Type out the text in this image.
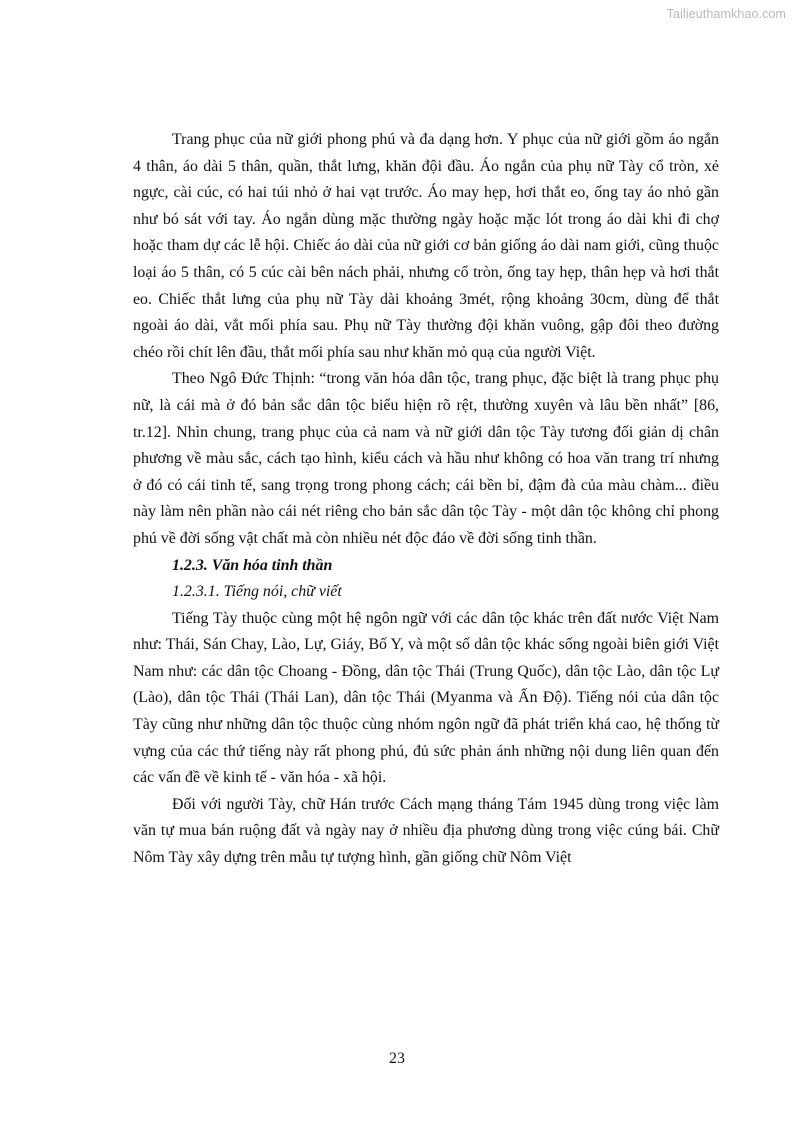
Tailieuthamkhao.com

Trang phục của nữ giới phong phú và đa dạng hơn. Y phục của nữ giới gồm áo ngắn 4 thân, áo dài 5 thân, quần, thắt lưng, khăn đội đầu. Áo ngắn của phụ nữ Tày cổ tròn, xẻ ngực, cài cúc, có hai túi nhỏ ở hai vạt trước. Áo may hẹp, hơi thắt eo, ống tay áo nhỏ gần như bó sát với tay. Áo ngắn dùng mặc thường ngày hoặc mặc lót trong áo dài khi đi chợ hoặc tham dự các lễ hội. Chiếc áo dài của nữ giới cơ bản giống áo dài nam giới, cũng thuộc loại áo 5 thân, có 5 cúc cài bên nách phải, nhưng cổ tròn, ống tay hẹp, thân hẹp và hơi thắt eo. Chiếc thắt lưng của phụ nữ Tày dài khoảng 3mét, rộng khoảng 30cm, dùng để thắt ngoài áo dài, vắt mối phía sau. Phụ nữ Tày thường đội khăn vuông, gập đôi theo đường chéo rồi chít lên đầu, thắt mối phía sau như khăn mỏ quạ của người Việt.

Theo Ngô Đức Thịnh: “trong văn hóa dân tộc, trang phục, đặc biệt là trang phục phụ nữ, là cái mà ở đó bản sắc dân tộc biểu hiện rõ rệt, thường xuyên và lâu bền nhất” [86, tr.12]. Nhìn chung, trang phục của cả nam và nữ giới dân tộc Tày tương đối giản dị chân phương về màu sắc, cách tạo hình, kiểu cách và hầu như không có hoa văn trang trí nhưng ở đó có cái tinh tế, sang trọng trong phong cách; cái bền bỉ, đậm đà của màu chàm... điều này làm nên phần nào cái nét riêng cho bản sắc dân tộc Tày - một dân tộc không chỉ phong phú về đời sống vật chất mà còn nhiều nét độc đáo về đời sống tinh thần.

1.2.3. Văn hóa tinh thần

1.2.3.1. Tiếng nói, chữ viết

Tiếng Tày thuộc cùng một hệ ngôn ngữ với các dân tộc khác trên đất nước Việt Nam như: Thái, Sán Chay, Lào, Lự, Giáy, Bố Y, và một số dân tộc khác sống ngoài biên giới Việt Nam như: các dân tộc Choang - Đồng, dân tộc Thái (Trung Quốc), dân tộc Lào, dân tộc Lự (Lào), dân tộc Thái (Thái Lan), dân tộc Thái (Myanma và Ấn Độ). Tiếng nói của dân tộc Tày cũng như những dân tộc thuộc cùng nhóm ngôn ngữ đã phát triển khá cao, hệ thống từ vựng của các thứ tiếng này rất phong phú, đủ sức phản ánh những nội dung liên quan đến các vấn đề về kinh tế - văn hóa - xã hội.

Đối với người Tày, chữ Hán trước Cách mạng tháng Tám 1945 dùng trong việc làm văn tự mua bán ruộng đất và ngày nay ở nhiều địa phương dùng trong việc cúng bái. Chữ Nôm Tày xây dựng trên mẫu tự tượng hình, gần giống chữ Nôm Việt

23
